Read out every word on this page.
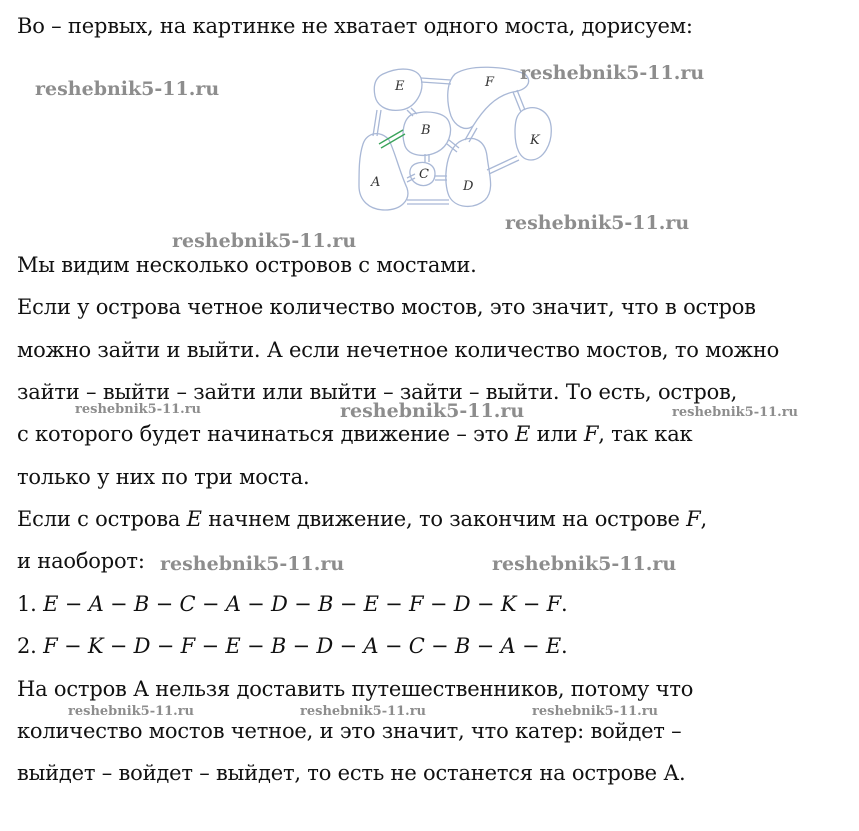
Во – первых, на картинке не хватает одного моста, дорисуем:
Мы видим несколько островов с мостами.
Если у острова четное количество мостов, это значит, что в остров
можно зайти и выйти. А если нечетное количество мостов, то можно
зайти – выйти – зайти или выйти – зайти – выйти. То есть, остров,
с которого будет начинаться движение – это 𝐸 или 𝐹, так как
только у них по три моста.
Если с острова 𝐸 начнем движение, то закончим на острове 𝐹,
и наоборот:
1. 𝐸 − 𝐴 − 𝐵 − 𝐶 − 𝐴 − 𝐷 − 𝐵 − 𝐸 − 𝐹 − 𝐷 − 𝐾 − 𝐹.
2. 𝐹 − 𝐾 − 𝐷 − 𝐹 − 𝐸 − 𝐵 − 𝐷 − 𝐴 − 𝐶 − 𝐵 − 𝐴 − 𝐸.
На остров А нельзя доставить путешественников, потому что
количество мостов четное, и это значит, что катер: войдет –
выйдет – войдет – выйдет, то есть не останется на острове А.
E	F
B
K
A
C
D
reshebnik5-11.ru
reshebnik5-11.ru
reshebnik5-11.ru
reshebnik5-11.ru
reshebnik5-11.ru	reshebnik5-11.ru	reshebnik5-11.ru
reshebnik5-11.ru	reshebnik5-11.ru
reshebnik5-11.ru	reshebnik5-11.ru	reshebnik5-11.ru
